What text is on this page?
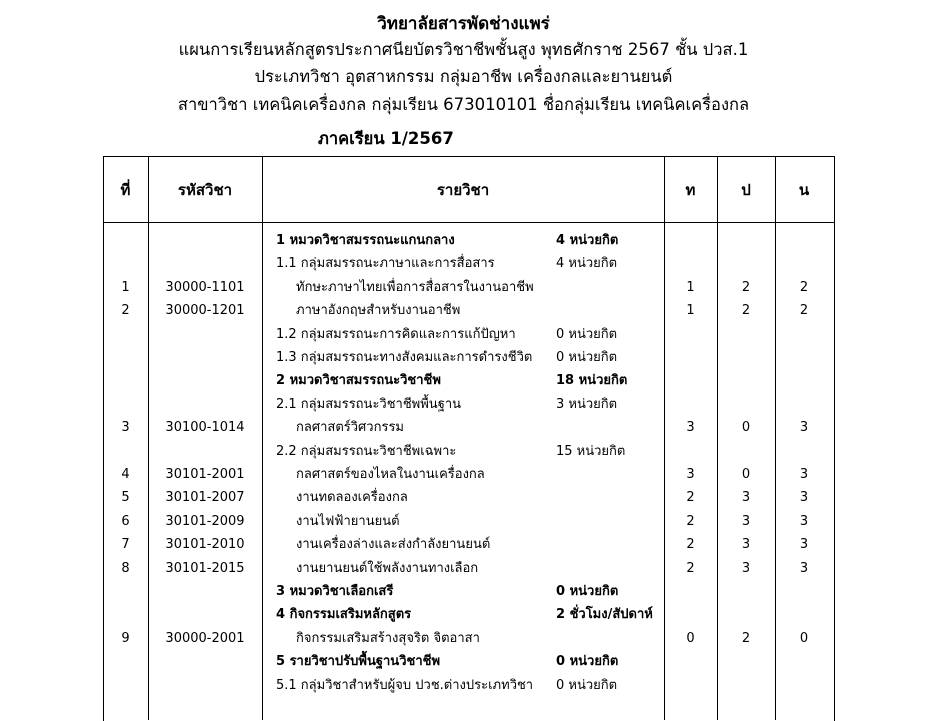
วิทยาลัยสารพัดช่างแพร่
แผนการเรียนหลักสูตรประกาศนียบัตรวิชาชีพชั้นสูง พุทธศักราช 2567 ชั้น ปวส.1
ประเภทวิชา อุตสาหกรรม กลุ่มอาชีพ เครื่องกลและยานยนต์
สาขาวิชา เทคนิคเครื่องกล กลุ่มเรียน 673010101 ชื่อกลุ่มเรียน เทคนิคเครื่องกล
ภาคเรียน 1/2567
ที่	รหัสวิชา	รายวิชา	ท	ป	น
1 หมวดวิชาสมรรถนะแกนกลาง	4 หน่วยกิต
1.1 กลุ่มสมรรถนะภาษาและการสื่อสาร	4 หน่วยกิต
1	30000-1101	ทักษะภาษาไทยเพื่อการสื่อสารในงานอาชีพ	1	2	2
2	30000-1201	ภาษาอังกฤษสำหรับงานอาชีพ	1	2	2
1.2 กลุ่มสมรรถนะการคิดและการแก้ปัญหา	0 หน่วยกิต
1.3 กลุ่มสมรรถนะทางสังคมและการดำรงชีวิต 0 หน่วยกิต
2 หมวดวิชาสมรรถนะวิชาชีพ	18 หน่วยกิต
2.1 กลุ่มสมรรถนะวิชาชีพพื้นฐาน	3 หน่วยกิต
3	30100-1014	กลศาสตร์วิศวกรรม	3	0	3
2.2 กลุ่มสมรรถนะวิชาชีพเฉพาะ	15 หน่วยกิต
4	30101-2001	กลศาสตร์ของไหลในงานเครื่องกล	3	0	3
5	30101-2007	งานทดลองเครื่องกล	2	3	3
6	30101-2009	งานไฟฟ้ายานยนต์	2	3	3
7	30101-2010	งานเครื่องล่างและส่งกำลังยานยนต์	2	3	3
8	30101-2015	งานยานยนต์ใช้พลังงานทางเลือก	2	3	3
3 หมวดวิชาเลือกเสรี	0 หน่วยกิต
4 กิจกรรมเสริมหลักสูตร	2 ชั่วโมง/สัปดาห์
9	30000-2001	กิจกรรมเสริมสร้างสุจริต จิตอาสา	0	2	0
5 รายวิชาปรับพื้นฐานวิชาชีพ	0 หน่วยกิต
5.1 กลุ่มวิชาสำหรับผู้จบ ปวช.ต่างประเภทวิชา 0 หน่วยกิต
